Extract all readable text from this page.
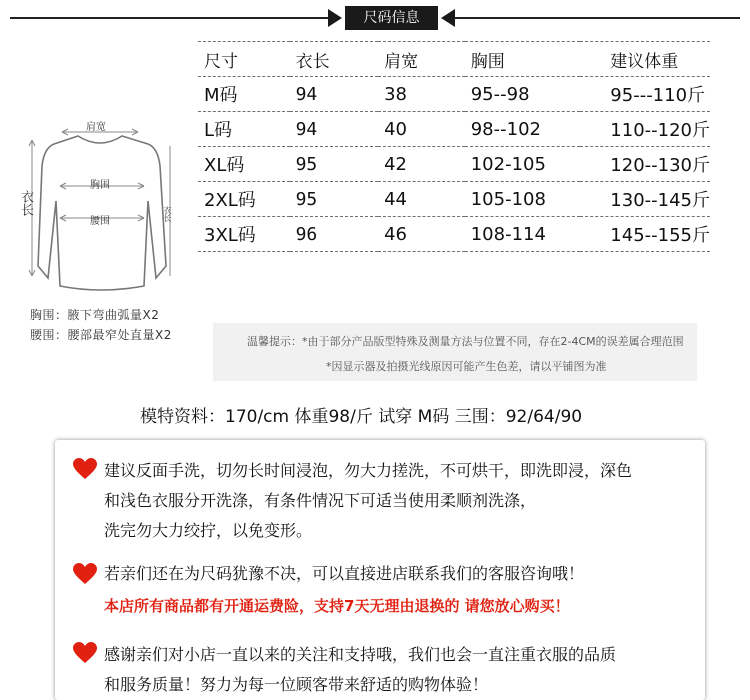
尺码信息
尺寸	衣长	肩宽	胸围	建议体重
M码	94	38	95--98	95---110斤
L码	94	40	98--102	110--120斤
XL码	95	42	102-105	120--130斤
2XL码	95	44	105-108	130--145斤
3XL码	96	46	108-114	145--155斤
肩宽
胸围
腰围
衣长	衣长
胸围：腋下弯曲弧量X2
腰围：腰部最窄处直量X2	温馨提示：*由于部分产品版型特殊及测量方法与位置不同，存在2-4CM的误差属合理范围
*因显示器及拍摄光线原因可能产生色差，请以平铺图为准
模特资料：170/cm 体重98/斤 试穿 M码 三围：92/64/90
建议反面手洗，切勿长时间浸泡，勿大力搓洗，不可烘干，即洗即浸，深色
和浅色衣服分开洗涤，有条件情况下可适当使用柔顺剂洗涤，
洗完勿大力绞拧，以免变形。
若亲们还在为尺码犹豫不决，可以直接进店联系我们的客服咨询哦！
本店所有商品都有开通运费险，支持7天无理由退换的 请您放心购买！
感谢亲们对小店一直以来的关注和支持哦，我们也会一直注重衣服的品质
和服务质量！努力为每一位顾客带来舒适的购物体验！
